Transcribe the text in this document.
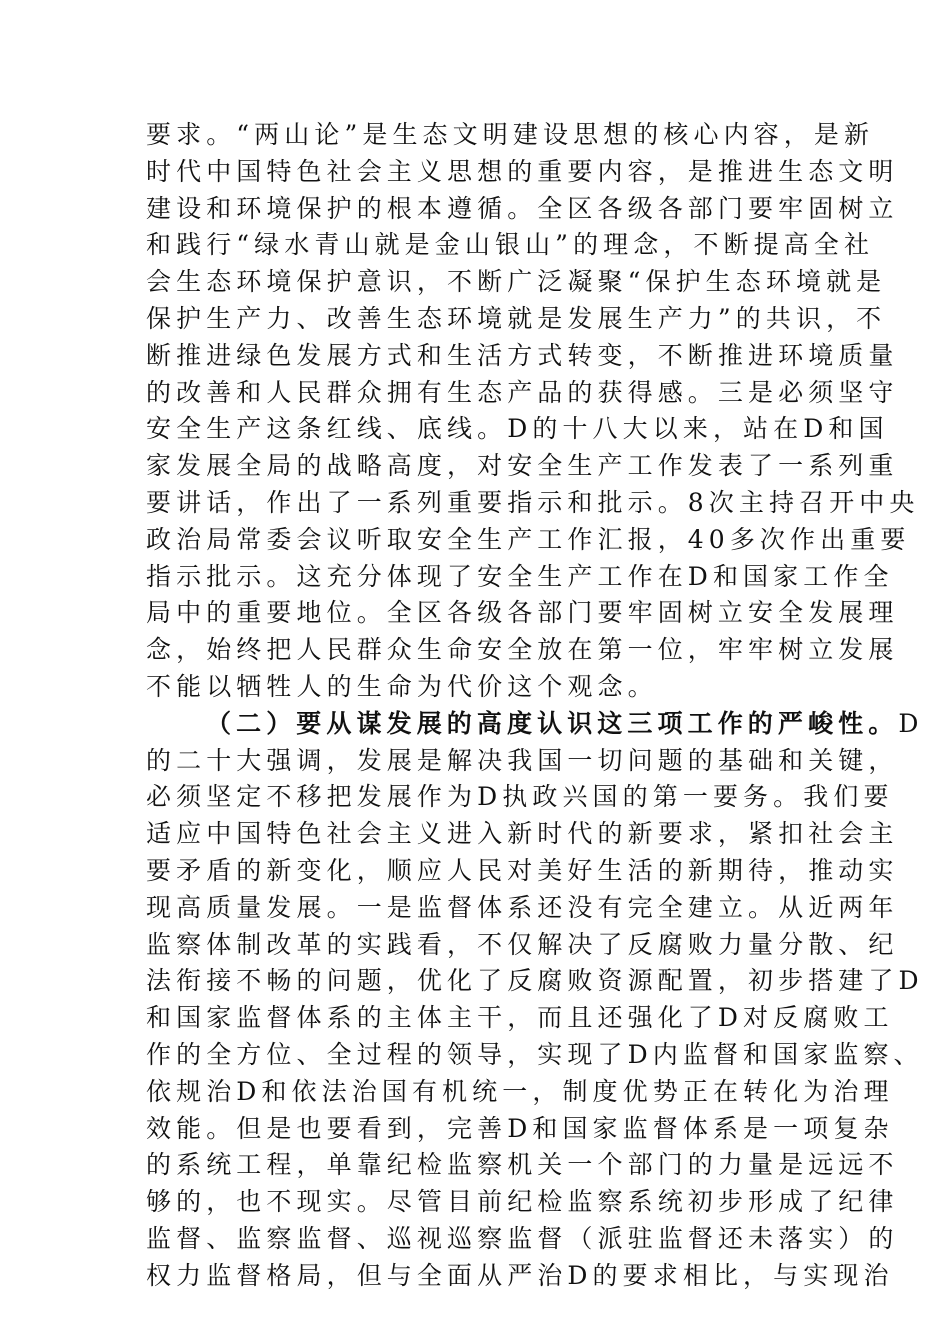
要求。“两山论”是生态文明建设思想的核心内容，是新
时代中国特色社会主义思想的重要内容，是推进生态文明
建设和环境保护的根本遵循。全区各级各部门要牢固树立
和践行“绿水青山就是金山银山”的理念，不断提高全社
会生态环境保护意识，不断广泛凝聚“保护生态环境就是
保护生产力、改善生态环境就是发展生产力”的共识，不
断推进绿色发展方式和生活方式转变，不断推进环境质量
的改善和人民群众拥有生态产品的获得感。三是必须坚守
安全生产这条红线、底线。D的十八大以来，站在D和国
家发展全局的战略高度，对安全生产工作发表了一系列重
要讲话，作出了一系列重要指示和批示。8次主持召开中央
政治局常委会议听取安全生产工作汇报，40多次作出重要
指示批示。这充分体现了安全生产工作在D和国家工作全
局中的重要地位。全区各级各部门要牢固树立安全发展理
念，始终把人民群众生命安全放在第一位，牢牢树立发展
不能以牺牲人的生命为代价这个观念。
（二）要从谋发展的高度认识这三项工作的严峻性。D
的二十大强调，发展是解决我国一切问题的基础和关键，
必须坚定不移把发展作为D执政兴国的第一要务。我们要
适应中国特色社会主义进入新时代的新要求，紧扣社会主
要矛盾的新变化，顺应人民对美好生活的新期待，推动实
现高质量发展。一是监督体系还没有完全建立。从近两年
监察体制改革的实践看，不仅解决了反腐败力量分散、纪
法衔接不畅的问题，优化了反腐败资源配置，初步搭建了D
和国家监督体系的主体主干，而且还强化了D对反腐败工
作的全方位、全过程的领导，实现了D内监督和国家监察、
依规治D和依法治国有机统一，制度优势正在转化为治理
效能。但是也要看到，完善D和国家监督体系是一项复杂
的系统工程，单靠纪检监察机关一个部门的力量是远远不
够的，也不现实。尽管目前纪检监察系统初步形成了纪律
监督、监察监督、巡视巡察监督（派驻监督还未落实）的
权力监督格局，但与全面从严治D的要求相比，与实现治
